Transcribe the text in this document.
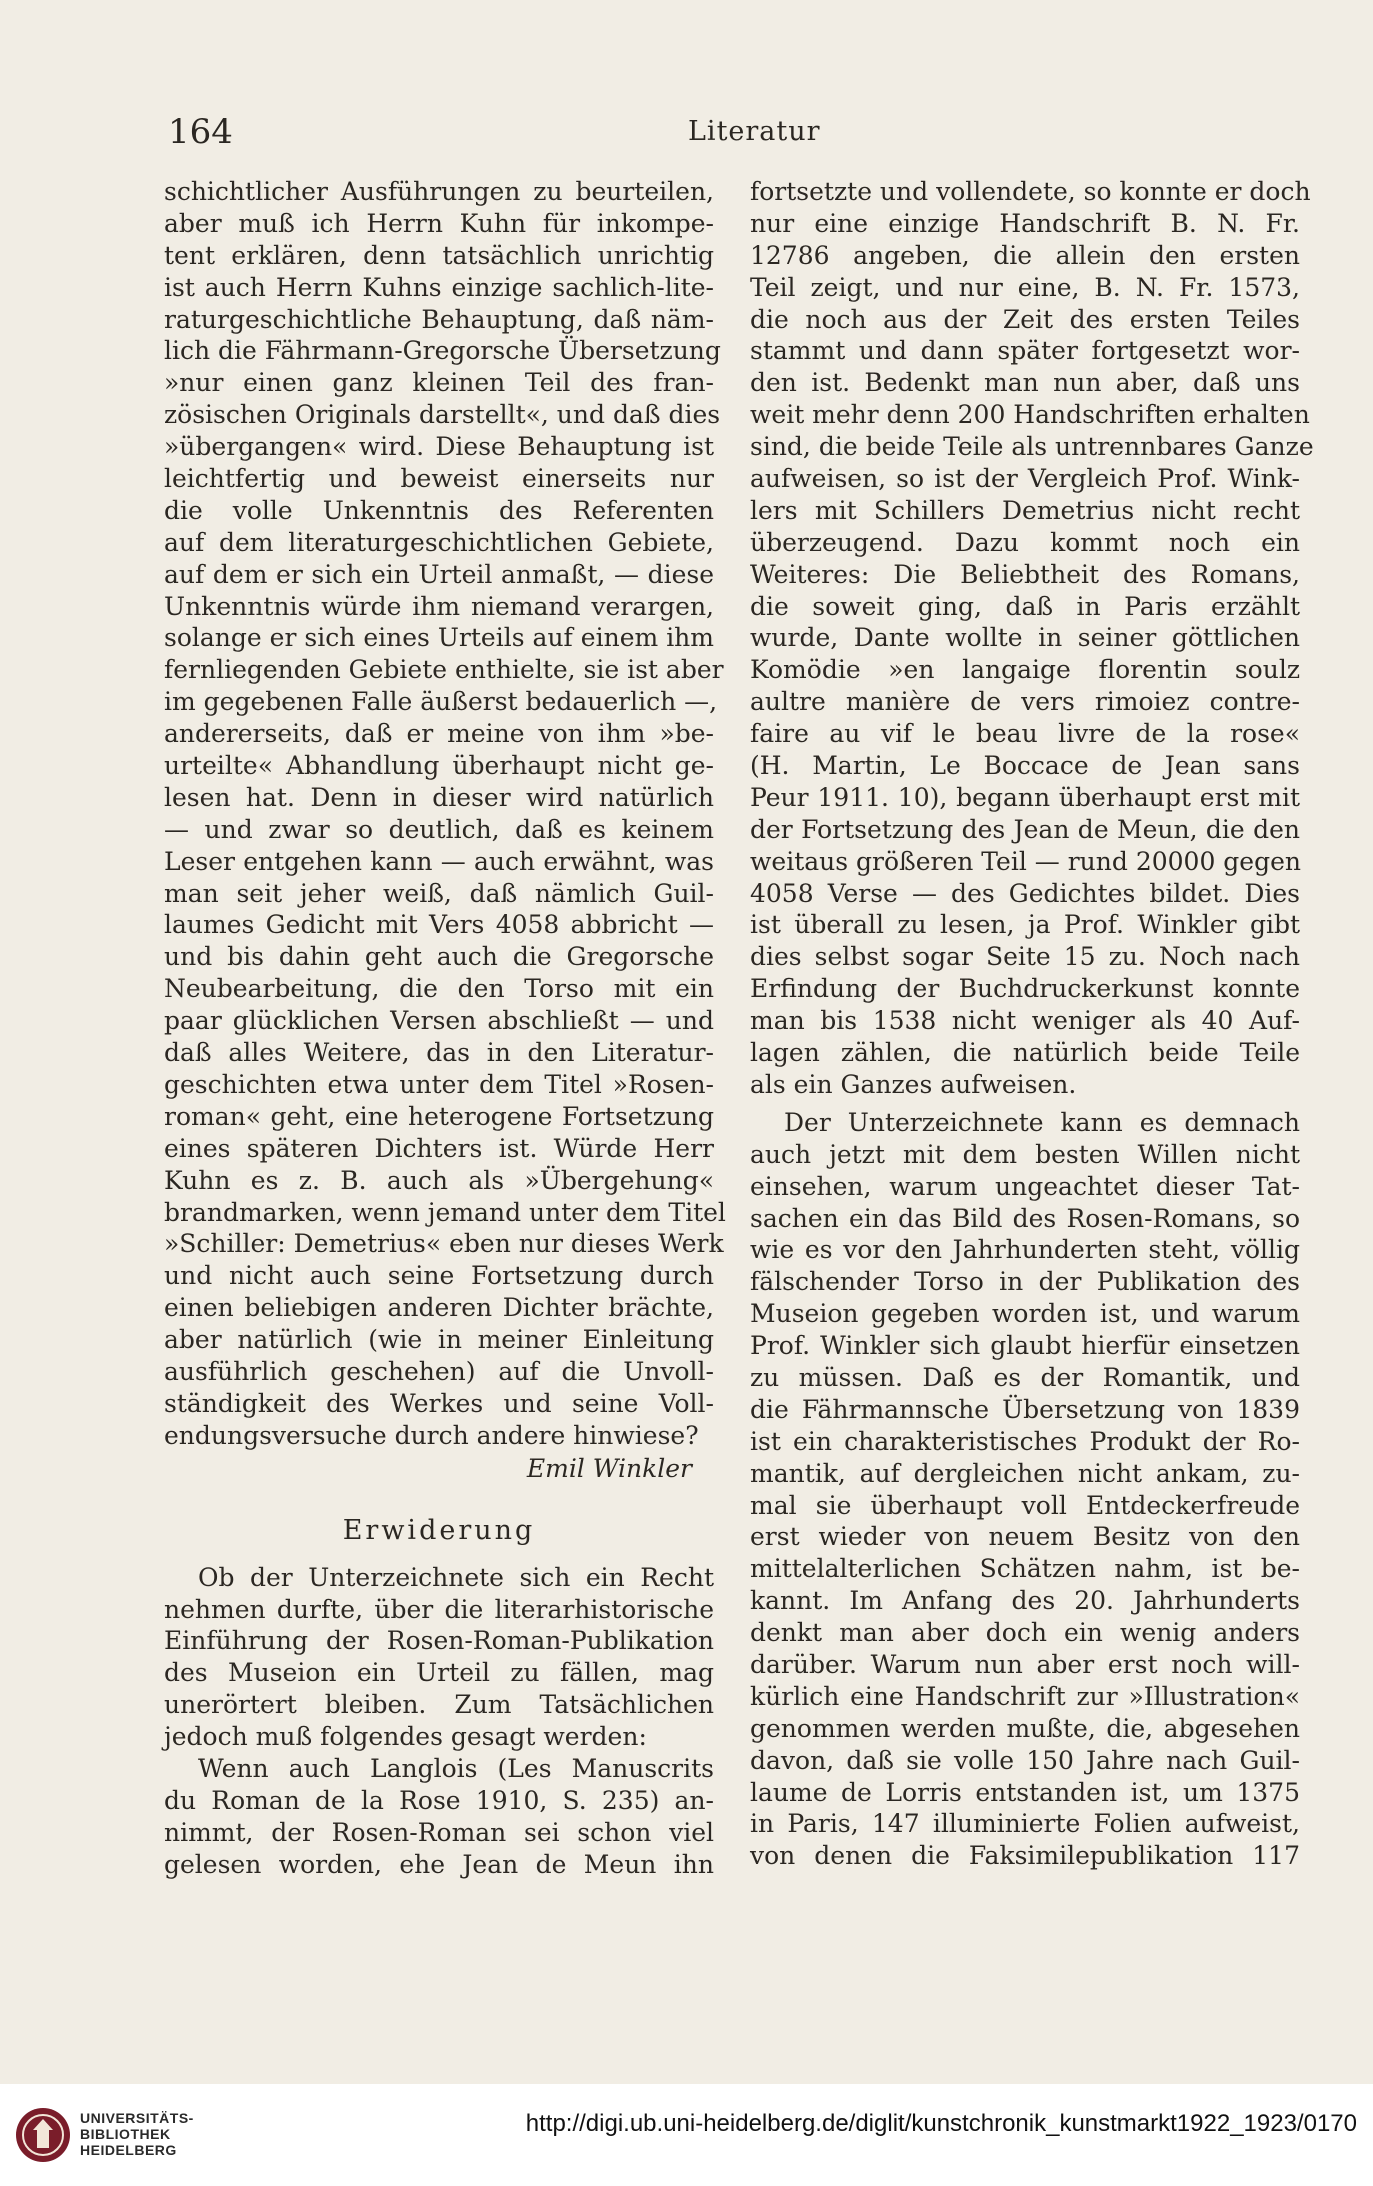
164	Literatur
schichtlicher Ausführungen zu beurteilen,
aber muß ich Herrn Kuhn für inkompe-
tent erklären, denn tatsächlich unrichtig
ist auch Herrn Kuhns einzige sachlich-lite-
raturgeschichtliche Behauptung, daß näm-
lich die Fährmann-Gregorsche Übersetzung
»nur einen ganz kleinen Teil des fran-
zösischen Originals darstellt«, und daß dies
»übergangen« wird. Diese Behauptung ist
leichtfertig und beweist einerseits nur
die volle Unkenntnis des Referenten
auf dem literaturgeschichtlichen Gebiete,
auf dem er sich ein Urteil anmaßt, — diese
Unkenntnis würde ihm niemand verargen,
solange er sich eines Urteils auf einem ihm
fernliegenden Gebiete enthielte, sie ist aber
im gegebenen Falle äußerst bedauerlich —,
andererseits, daß er meine von ihm »be-
urteilte« Abhandlung überhaupt nicht ge-
lesen hat. Denn in dieser wird natürlich
— und zwar so deutlich, daß es keinem
Leser entgehen kann — auch erwähnt, was
man seit jeher weiß, daß nämlich Guil-
laumes Gedicht mit Vers 4058 abbricht —
und bis dahin geht auch die Gregorsche
Neubearbeitung, die den Torso mit ein
paar glücklichen Versen abschließt — und
daß alles Weitere, das in den Literatur-
geschichten etwa unter dem Titel »Rosen-
roman« geht, eine heterogene Fortsetzung
eines späteren Dichters ist. Würde Herr
Kuhn es z. B. auch als »Übergehung«
brandmarken, wenn jemand unter dem Titel
»Schiller: Demetrius« eben nur dieses Werk
und nicht auch seine Fortsetzung durch
einen beliebigen anderen Dichter brächte,
aber natürlich (wie in meiner Einleitung
ausführlich geschehen) auf die Unvoll-
ständigkeit des Werkes und seine Voll-
endungsversuche durch andere hinwiese?
Emil Winkler
Erwiderung
Ob der Unterzeichnete sich ein Recht
nehmen durfte, über die literarhistorische
Einführung der Rosen-Roman-Publikation
des Museion ein Urteil zu fällen, mag
unerörtert bleiben. Zum Tatsächlichen
jedoch muß folgendes gesagt werden:
Wenn auch Langlois (Les Manuscrits
du Roman de la Rose 1910, S. 235) an-
nimmt, der Rosen-Roman sei schon viel
gelesen worden, ehe Jean de Meun ihn
fortsetzte und vollendete, so konnte er doch
nur eine einzige Handschrift B. N. Fr.
12786 angeben, die allein den ersten
Teil zeigt, und nur eine, B. N. Fr. 1573,
die noch aus der Zeit des ersten Teiles
stammt und dann später fortgesetzt wor-
den ist. Bedenkt man nun aber, daß uns
weit mehr denn 200 Handschriften erhalten
sind, die beide Teile als untrennbares Ganze
aufweisen, so ist der Vergleich Prof. Wink-
lers mit Schillers Demetrius nicht recht
überzeugend. Dazu kommt noch ein
Weiteres: Die Beliebtheit des Romans,
die soweit ging, daß in Paris erzählt
wurde, Dante wollte in seiner göttlichen
Komödie »en langaige florentin soulz
aultre manière de vers rimoiez contre-
faire au vif le beau livre de la rose«
(H. Martin, Le Boccace de Jean sans
Peur 1911. 10), begann überhaupt erst mit
der Fortsetzung des Jean de Meun, die den
weitaus größeren Teil — rund 20000 gegen
4058 Verse — des Gedichtes bildet. Dies
ist überall zu lesen, ja Prof. Winkler gibt
dies selbst sogar Seite 15 zu. Noch nach
Erfindung der Buchdruckerkunst konnte
man bis 1538 nicht weniger als 40 Auf-
lagen zählen, die natürlich beide Teile
als ein Ganzes aufweisen.
Der Unterzeichnete kann es demnach
auch jetzt mit dem besten Willen nicht
einsehen, warum ungeachtet dieser Tat-
sachen ein das Bild des Rosen-Romans, so
wie es vor den Jahrhunderten steht, völlig
fälschender Torso in der Publikation des
Museion gegeben worden ist, und warum
Prof. Winkler sich glaubt hierfür einsetzen
zu müssen. Daß es der Romantik, und
die Fährmannsche Übersetzung von 1839
ist ein charakteristisches Produkt der Ro-
mantik, auf dergleichen nicht ankam, zu-
mal sie überhaupt voll Entdeckerfreude
erst wieder von neuem Besitz von den
mittelalterlichen Schätzen nahm, ist be-
kannt. Im Anfang des 20. Jahrhunderts
denkt man aber doch ein wenig anders
darüber. Warum nun aber erst noch will-
kürlich eine Handschrift zur »Illustration«
genommen werden mußte, die, abgesehen
davon, daß sie volle 150 Jahre nach Guil-
laume de Lorris entstanden ist, um 1375
in Paris, 147 illuminierte Folien aufweist,
von denen die Faksimilepublikation 117
UNIVERSITÄTS-
BIBLIOTHEK
HEIDELBERG
http://digi.ub.uni-heidelberg.de/diglit/kunstchronik_kunstmarkt1922_1923/0170
